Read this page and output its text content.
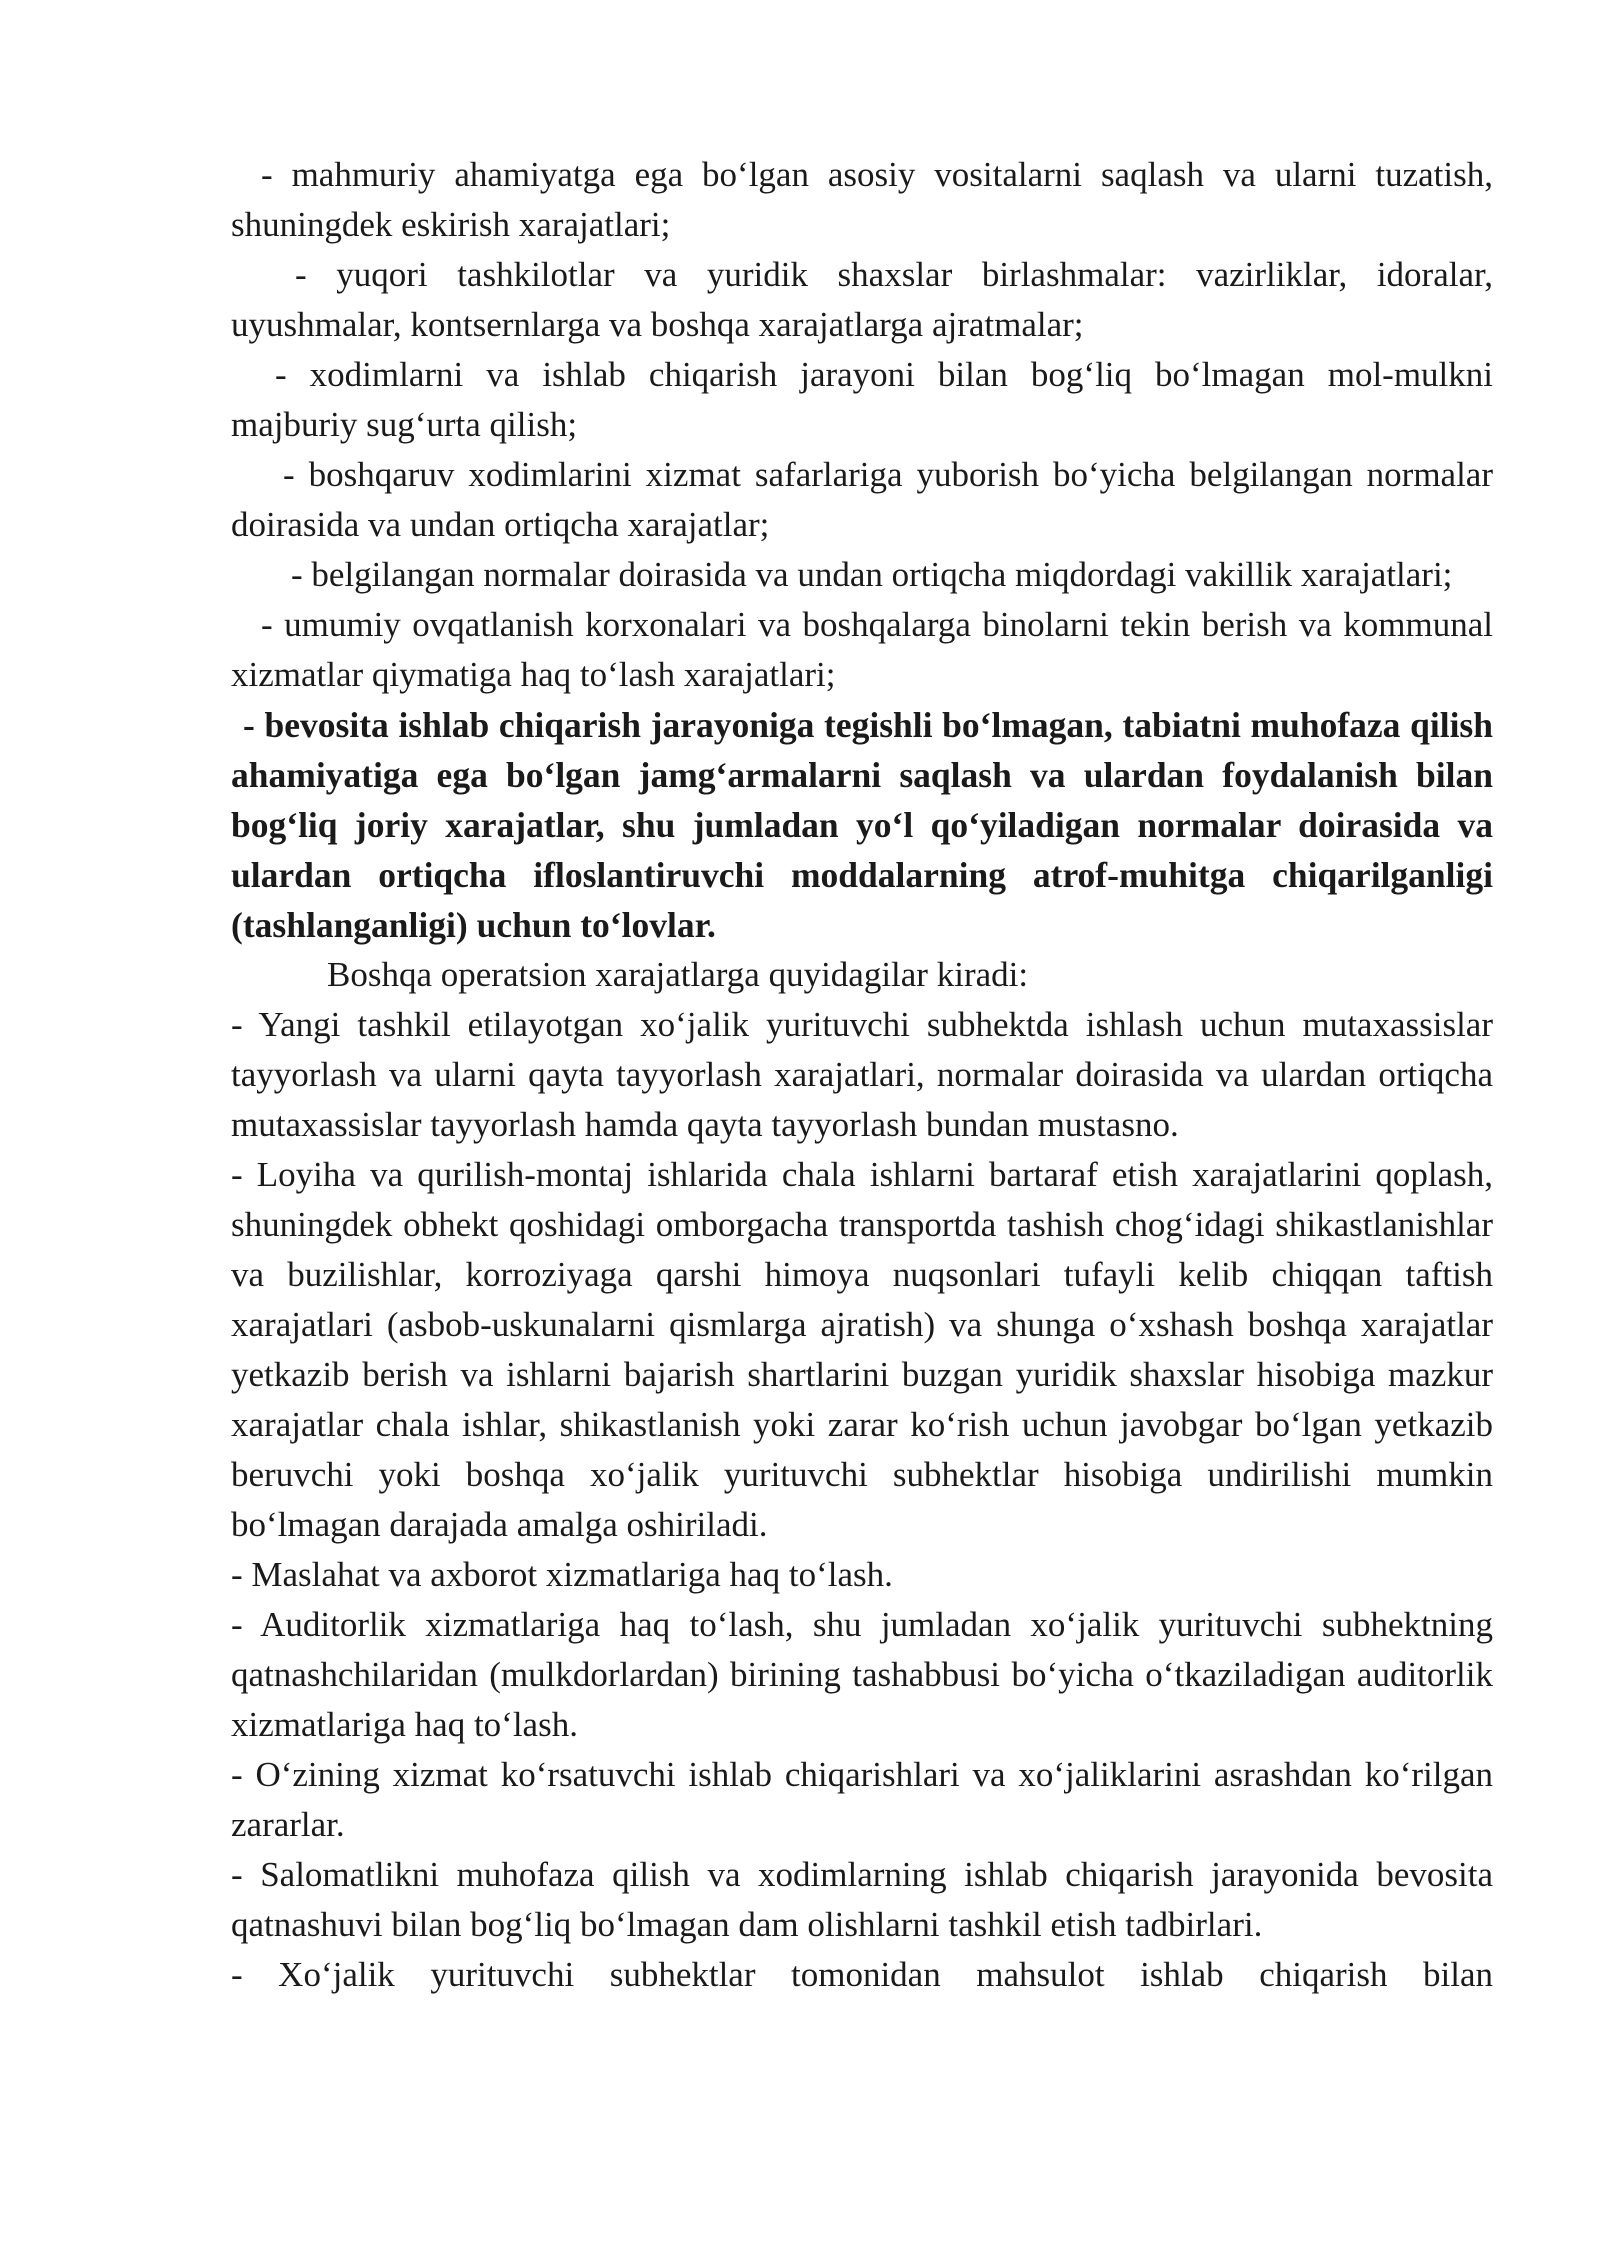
- mahmuriy ahamiyatga ega bo‘lgan asosiy vositalarni saqlash va ularni tuzatish, shuningdek eskirish xarajatlari;

- yuqori tashkilotlar va yuridik shaxslar birlashmalar: vazirliklar, idoralar, uyushmalar, kontsernlarga va boshqa xarajatlarga ajratmalar;

- xodimlarni va ishlab chiqarish jarayoni bilan bog‘liq bo‘lmagan mol-mulkni majburiy sug‘urta qilish;

- boshqaruv xodimlarini xizmat safarlariga yuborish bo‘yicha belgilangan normalar doirasida va undan ortiqcha xarajatlar;

- belgilangan normalar doirasida va undan ortiqcha miqdordagi vakillik xarajatlari;

- umumiy ovqatlanish korxonalari va boshqalarga binolarni tekin berish va kommunal xizmatlar qiymatiga haq to‘lash xarajatlari;

- bevosita ishlab chiqarish jarayoniga tegishli bo‘lmagan, tabiatni muhofaza qilish ahamiyatiga ega bo‘lgan jamg‘armalarni saqlash va ulardan foydalanish bilan bog‘liq joriy xarajatlar, shu jumladan yo‘l qo‘yiladigan normalar doirasida va ulardan ortiqcha ifloslantiruvchi moddalarning atrof-muhitga chiqarilganligi (tashlanganligi) uchun to‘lovlar.

Boshqa operatsion xarajatlarga quyidagilar kiradi:

- Yangi tashkil etilayotgan xo‘jalik yurituvchi subhektda ishlash uchun mutaxassislar tayyorlash va ularni qayta tayyorlash xarajatlari, normalar doirasida va ulardan ortiqcha mutaxassislar tayyorlash hamda qayta tayyorlash bundan mustasno.

- Loyiha va qurilish-montaj ishlarida chala ishlarni bartaraf etish xarajatlarini qoplash, shuningdek obhekt qoshidagi omborgacha transportda tashish chog‘idagi shikastlanishlar va buzilishlar, korroziyaga qarshi himoya nuqsonlari tufayli kelib chiqqan taftish xarajatlari (asbob-uskunalarni qismlarga ajratish) va shunga o‘xshash boshqa xarajatlar yetkazib berish va ishlarni bajarish shartlarini buzgan yuridik shaxslar hisobiga mazkur xarajatlar chala ishlar, shikastlanish yoki zarar ko‘rish uchun javobgar bo‘lgan yetkazib beruvchi yoki boshqa xo‘jalik yurituvchi subhektlar hisobiga undirilishi mumkin bo‘lmagan darajada amalga oshiriladi.

- Maslahat va axborot xizmatlariga haq to‘lash.

- Auditorlik xizmatlariga haq to‘lash, shu jumladan xo‘jalik yurituvchi subhektning qatnashchilaridan (mulkdorlardan) birining tashabbusi bo‘yicha o‘tkaziladigan auditorlik xizmatlariga haq to‘lash.

- O‘zining xizmat ko‘rsatuvchi ishlab chiqarishlari va xo‘jaliklarini asrashdan ko‘rilgan zararlar.

- Salomatlikni muhofaza qilish va xodimlarning ishlab chiqarish jarayonida bevosita qatnashuvi bilan bog‘liq bo‘lmagan dam olishlarni tashkil etish tadbirlari.

- Xo‘jalik yurituvchi subhektlar tomonidan mahsulot ishlab chiqarish bilan
